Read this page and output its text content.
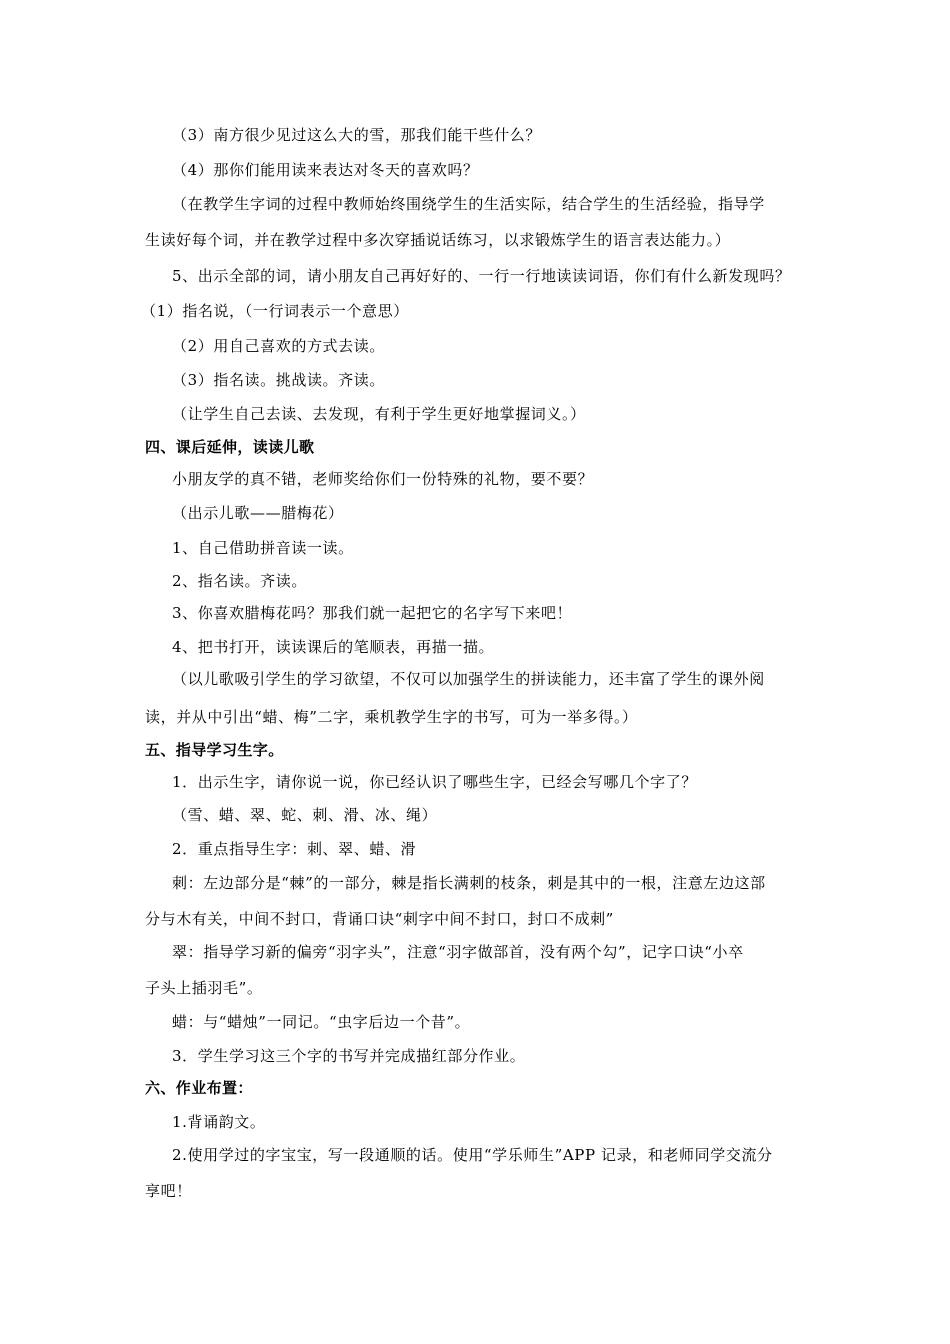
（3）南方很少见过这么大的雪，那我们能干些什么？
（4）那你们能用读来表达对冬天的喜欢吗？
（在教学生字词的过程中教师始终围绕学生的生活实际，结合学生的生活经验，指导学
生读好每个词，并在教学过程中多次穿插说话练习，以求锻炼学生的语言表达能力。）
5、出示全部的词，请小朋友自己再好好的、一行一行地读读词语，你们有什么新发现吗？
（1）指名说，（一行词表示一个意思）
（2）用自己喜欢的方式去读。
（3）指名读。挑战读。齐读。
（让学生自己去读、去发现，有利于学生更好地掌握词义。）
四、课后延伸，读读儿歌
小朋友学的真不错，老师奖给你们一份特殊的礼物，要不要？
（出示儿歌——腊梅花）
1、自己借助拼音读一读。
2、指名读。齐读。
3、你喜欢腊梅花吗？那我们就一起把它的名字写下来吧！
4、把书打开，读读课后的笔顺表，再描一描。
（以儿歌吸引学生的学习欲望，不仅可以加强学生的拼读能力，还丰富了学生的课外阅
读，并从中引出“蜡、梅”二字，乘机教学生字的书写，可为一举多得。）
五、指导学习生字。
1．出示生字，请你说一说，你已经认识了哪些生字，已经会写哪几个字了？
（雪、蜡、翠、蛇、刺、滑、冰、绳）
2．重点指导生字：刺、翠、蜡、滑
刺：左边部分是“棘”的一部分，棘是指长满刺的枝条，刺是其中的一根，注意左边这部
分与木有关，中间不封口，背诵口诀“刺字中间不封口，封口不成刺”
翠：指导学习新的偏旁“羽字头”，注意“羽字做部首，没有两个勾”，记字口诀“小卒
子头上插羽毛”。
蜡：与“蜡烛”一同记。“虫字后边一个昔”。
3．学生学习这三个字的书写并完成描红部分作业。
六、作业布置：
1.背诵韵文。
2.使用学过的字宝宝，写一段通顺的话。使用“学乐师生”APP 记录，和老师同学交流分
享吧！
